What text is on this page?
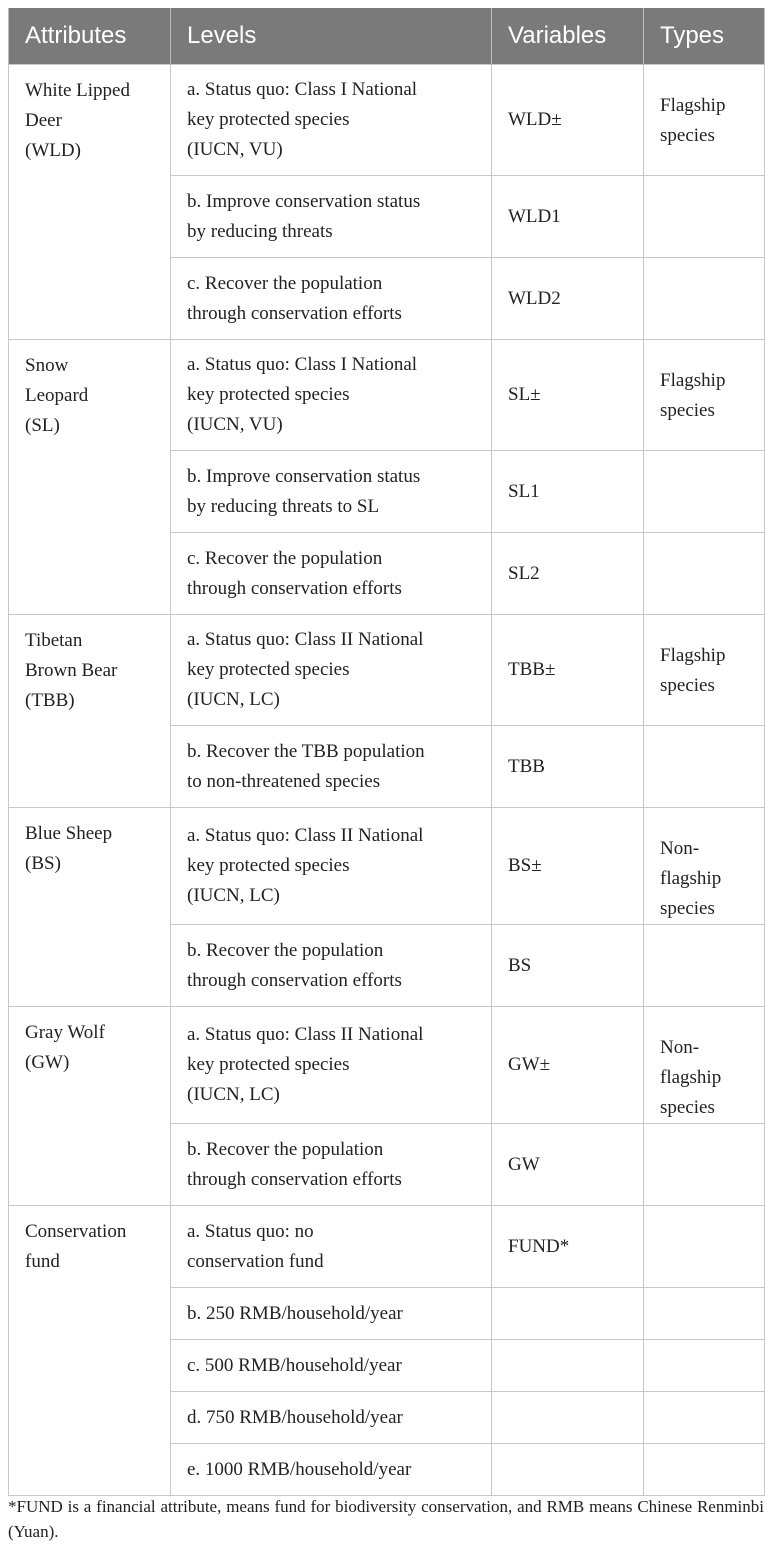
Attributes	Levels	Variables	Types
White Lipped
Deer
(WLD)	a. Status quo: Class I National
key protected species
(IUCN, VU)	WLD±	Flagship
species
	b. Improve conservation status
by reducing threats	WLD1	
	c. Recover the population
through conservation efforts	WLD2	
Snow
Leopard
(SL)	a. Status quo: Class I National
key protected species
(IUCN, VU)	SL±	Flagship
species
	b. Improve conservation status
by reducing threats to SL	SL1	
	c. Recover the population
through conservation efforts	SL2	
Tibetan
Brown Bear
(TBB)	a. Status quo: Class II National
key protected species
(IUCN, LC)	TBB±	Flagship
species
	b. Recover the TBB population
to non-threatened species	TBB	
Blue Sheep
(BS)	a. Status quo: Class II National
key protected species
(IUCN, LC)	BS±	Non-
flagship
species
	b. Recover the population
through conservation efforts	BS	
Gray Wolf
(GW)	a. Status quo: Class II National
key protected species
(IUCN, LC)	GW±	Non-
flagship
species
	b. Recover the population
through conservation efforts	GW	
Conservation
fund	a. Status quo: no
conservation fund	FUND*	
	b. 250 RMB/household/year		
	c. 500 RMB/household/year		
	d. 750 RMB/household/year		
	e. 1000 RMB/household/year		
*FUND is a financial attribute, means fund for biodiversity conservation, and RMB means Chinese Renminbi (Yuan).
